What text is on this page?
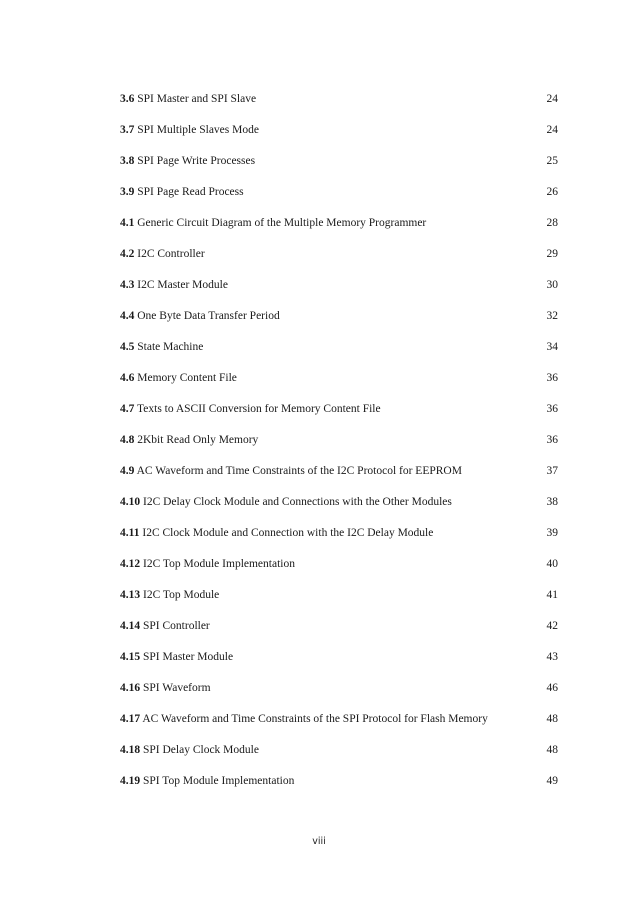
3.6 SPI Master and SPI Slave	24
3.7 SPI Multiple Slaves Mode	24
3.8 SPI Page Write Processes	25
3.9 SPI Page Read Process	26
4.1 Generic Circuit Diagram of the Multiple Memory Programmer	28
4.2 I2C Controller	29
4.3 I2C Master Module	30
4.4 One Byte Data Transfer Period	32
4.5 State Machine	34
4.6 Memory Content File	36
4.7 Texts to ASCII Conversion for Memory Content File	36
4.8 2Kbit Read Only Memory	36
4.9 AC Waveform and Time Constraints of the I2C Protocol for EEPROM	37
4.10 I2C Delay Clock Module and Connections with the Other Modules	38
4.11 I2C Clock Module and Connection with the I2C Delay Module	39
4.12 I2C Top Module Implementation	40
4.13 I2C Top Module	41
4.14 SPI Controller	42
4.15 SPI Master Module	43
4.16 SPI Waveform	46
4.17 AC Waveform and Time Constraints of the SPI Protocol for Flash Memory	48
4.18 SPI Delay Clock Module	48
4.19 SPI Top Module Implementation	49
viii
